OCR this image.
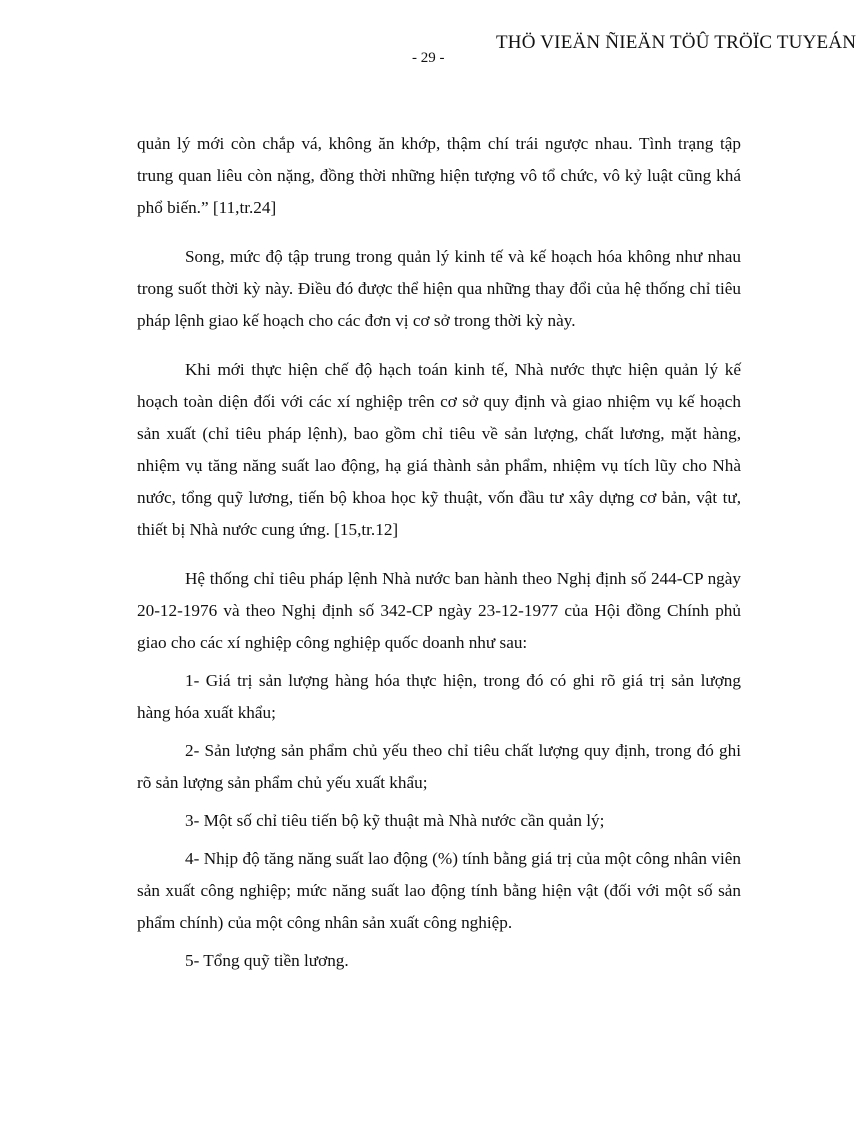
THÖ VIEÄN ÑIEÄN TÖÛ TRÖÏC TUYEÁN
- 29 -

quản lý mới còn chắp vá, không ăn khớp, thậm chí trái ngược nhau. Tình trạng tập trung quan liêu còn nặng, đồng thời những hiện tượng vô tổ chức, vô kỷ luật cũng khá phổ biến.” [11,tr.24]

Song, mức độ tập trung trong quản lý kinh tế và kế hoạch hóa không như nhau trong suốt thời kỳ này. Điều đó được thể hiện qua những thay đổi của hệ thống chỉ tiêu pháp lệnh giao kế hoạch cho các đơn vị cơ sở trong thời kỳ này.

Khi mới thực hiện chế độ hạch toán kinh tế, Nhà nước thực hiện quản lý kế hoạch toàn diện đối với các xí nghiệp trên cơ sở quy định và giao nhiệm vụ kế hoạch sản xuất (chỉ tiêu pháp lệnh), bao gồm chỉ tiêu về sản lượng, chất lương, mặt hàng, nhiệm vụ tăng năng suất lao động, hạ giá thành sản phẩm, nhiệm vụ tích lũy cho Nhà nước, tổng quỹ lương, tiến bộ khoa học kỹ thuật, vốn đầu tư xây dựng cơ bản, vật tư, thiết bị Nhà nước cung ứng. [15,tr.12]

Hệ thống chỉ tiêu pháp lệnh Nhà nước ban hành theo Nghị định số 244-CP ngày 20-12-1976 và theo Nghị định số 342-CP ngày 23-12-1977 của Hội đồng Chính phủ giao cho các xí nghiệp công nghiệp quốc doanh như sau:

1- Giá trị sản lượng hàng hóa thực hiện, trong đó có ghi rõ giá trị sản lượng hàng hóa xuất khẩu;

2- Sản lượng sản phẩm chủ yếu theo chỉ tiêu chất lượng quy định, trong đó ghi rõ sản lượng sản phẩm chủ yếu xuất khẩu;

3- Một số chỉ tiêu tiến bộ kỹ thuật mà Nhà nước cần quản lý;

4- Nhịp độ tăng năng suất lao động (%) tính bằng giá trị của một công nhân viên sản xuất công nghiệp; mức năng suất lao động tính bằng hiện vật (đối với một số sản phẩm chính) của một công nhân sản xuất công nghiệp.

5- Tổng quỹ tiền lương.
